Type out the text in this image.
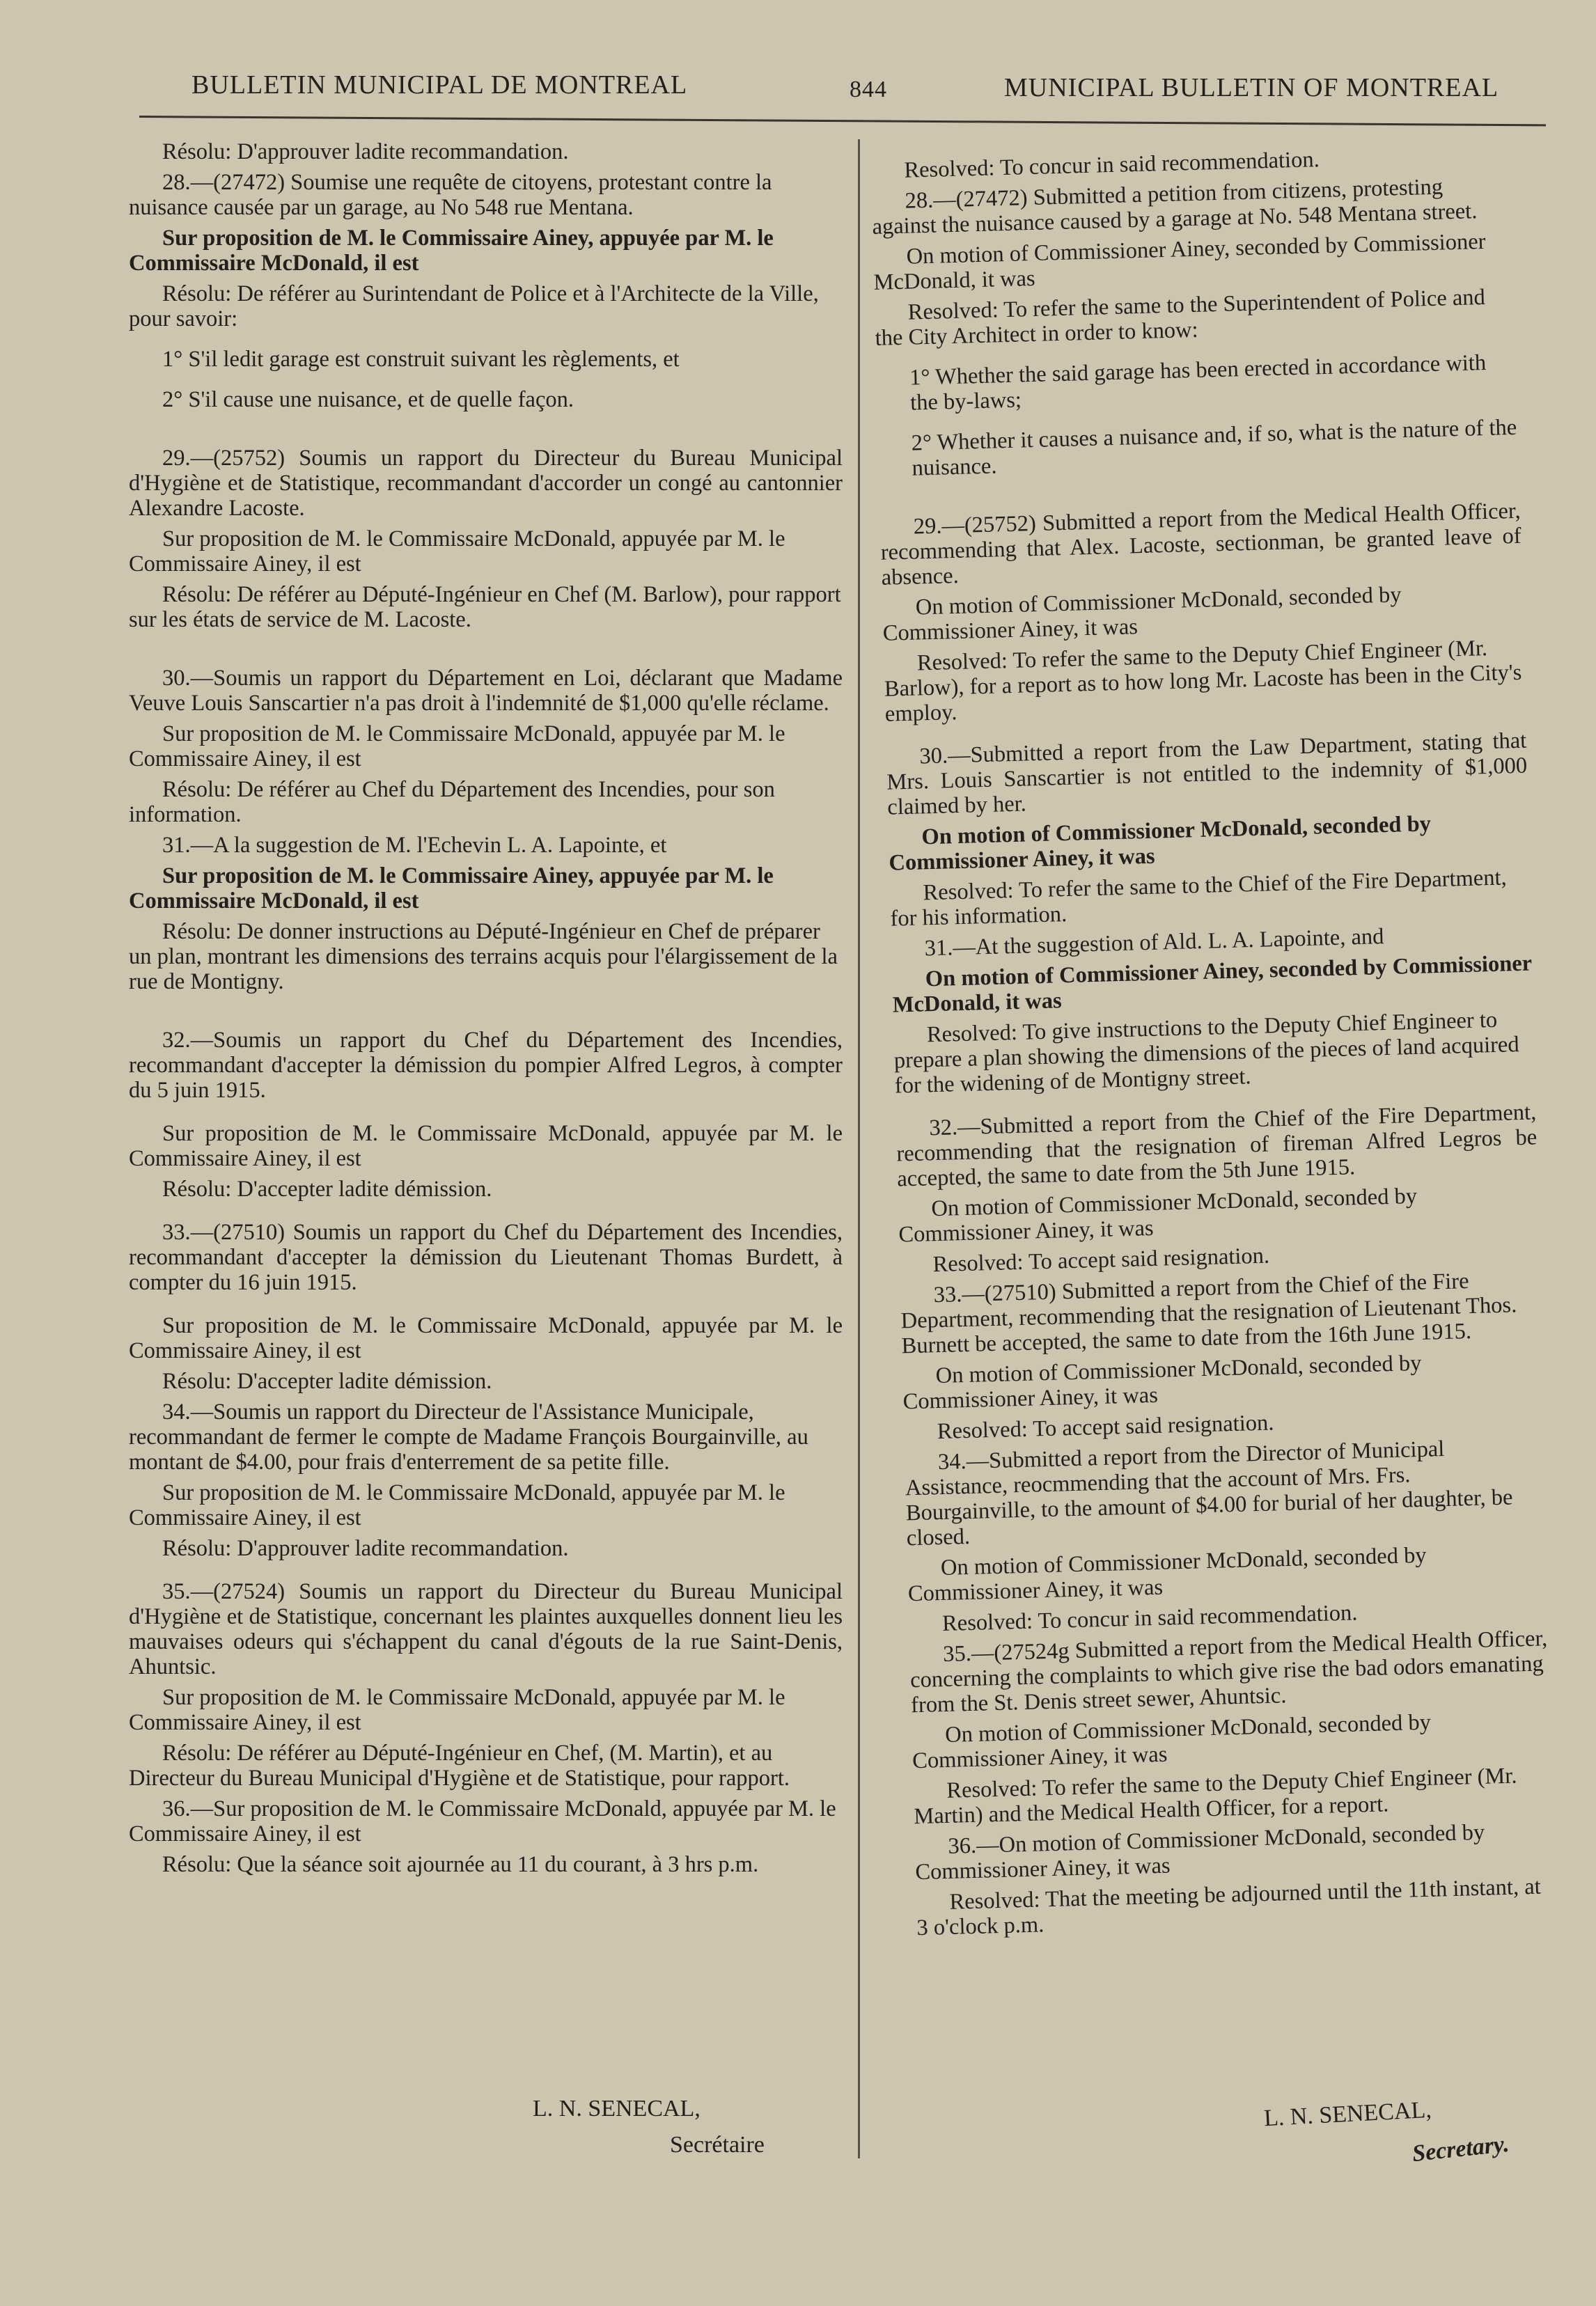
BULLETIN MUNICIPAL DE MONTREAL	844	MUNICIPAL BULLETIN OF MONTREAL

Résolu: D'approuver ladite recommandation.

28.—(27472) Soumise une requête de citoyens, protestant contre la nuisance causée par un garage, au No 548 rue Mentana.

Sur proposition de M. le Commissaire Ainey, appuyée par M. le Commissaire McDonald, il est

Résolu: De référer au Surintendant de Police et à l'Architecte de la Ville, pour savoir:

1° S'il ledit garage est construit suivant les règlements, et

2° S'il cause une nuisance, et de quelle façon.

29.—(25752) Soumis un rapport du Directeur du Bureau Municipal d'Hygiène et de Statistique, recommandant d'accorder un congé au cantonnier Alexandre Lacoste.

Sur proposition de M. le Commissaire McDonald, appuyée par M. le Commissaire Ainey, il est

Résolu: De référer au Député-Ingénieur en Chef (M. Barlow), pour rapport sur les états de service de M. Lacoste.

30.—Soumis un rapport du Département en Loi, déclarant que Madame Veuve Louis Sanscartier n'a pas droit à l'indemnité de $1,000 qu'elle réclame.

Sur proposition de M. le Commissaire McDonald, appuyée par M. le Commissaire Ainey, il est

Résolu: De référer au Chef du Département des Incendies, pour son information.

31.—A la suggestion de M. l'Echevin L. A. Lapointe, et

Sur proposition de M. le Commissaire Ainey, appuyée par M. le Commissaire McDonald, il est

Résolu: De donner instructions au Député-Ingénieur en Chef de préparer un plan, montrant les dimensions des terrains acquis pour l'élargissement de la rue de Montigny.

32.—Soumis un rapport du Chef du Département des Incendies, recommandant d'accepter la démission du pompier Alfred Legros, à compter du 5 juin 1915.

Sur proposition de M. le Commissaire McDonald, appuyée par M. le Commissaire Ainey, il est

Résolu: D'accepter ladite démission.

33.—(27510) Soumis un rapport du Chef du Département des Incendies, recommandant d'accepter la démission du Lieutenant Thomas Burdett, à compter du 16 juin 1915.

Sur proposition de M. le Commissaire McDonald, appuyée par M. le Commissaire Ainey, il est

Résolu: D'accepter ladite démission.

34.—Soumis un rapport du Directeur de l'Assistance Municipale, recommandant de fermer le compte de Madame François Bourgainville, au montant de $4.00, pour frais d'enterrement de sa petite fille.

Sur proposition de M. le Commissaire McDonald, appuyée par M. le Commissaire Ainey, il est

Résolu: D'approuver ladite recommandation.

35.—(27524) Soumis un rapport du Directeur du Bureau Municipal d'Hygiène et de Statistique, concernant les plaintes auxquelles donnent lieu les mauvaises odeurs qui s'échappent du canal d'égouts de la rue Saint-Denis, Ahuntsic.

Sur proposition de M. le Commissaire McDonald, appuyée par M. le Commissaire Ainey, il est

Résolu: De référer au Député-Ingénieur en Chef, (M. Martin), et au Directeur du Bureau Municipal d'Hygiène et de Statistique, pour rapport.

36.—Sur proposition de M. le Commissaire McDonald, appuyée par M. le Commissaire Ainey, il est

Résolu: Que la séance soit ajournée au 11 du courant, à 3 hrs p.m.

Resolved: To concur in said recommendation.

28.—(27472) Submitted a petition from citizens, protesting against the nuisance caused by a garage at No. 548 Mentana street.

On motion of Commissioner Ainey, seconded by Commissioner McDonald, it was

Resolved: To refer the same to the Superintendent of Police and the City Architect in order to know:

1° Whether the said garage has been erected in accordance with the by-laws;

2° Whether it causes a nuisance and, if so, what is the nature of the nuisance.

29.—(25752) Submitted a report from the Medical Health Officer, recommending that Alex. Lacoste, sectionman, be granted leave of absence.

On motion of Commissioner McDonald, seconded by Commissioner Ainey, it was

Resolved: To refer the same to the Deputy Chief Engineer (Mr. Barlow), for a report as to how long Mr. Lacoste has been in the City's employ.

30.—Submitted a report from the Law Department, stating that Mrs. Louis Sanscartier is not entitled to the indemnity of $1,000 claimed by her.

On motion of Commissioner McDonald, seconded by Commissioner Ainey, it was

Resolved: To refer the same to the Chief of the Fire Department, for his information.

31.—At the suggestion of Ald. L. A. Lapointe, and

On motion of Commissioner Ainey, seconded by Commissioner McDonald, it was

Resolved: To give instructions to the Deputy Chief Engineer to prepare a plan showing the dimensions of the pieces of land acquired for the widening of de Montigny street.

32.—Submitted a report from the Chief of the Fire Department, recommending that the resignation of fireman Alfred Legros be accepted, the same to date from the 5th June 1915.

On motion of Commissioner McDonald, seconded by Commissioner Ainey, it was

Resolved: To accept said resignation.

33.—(27510) Submitted a report from the Chief of the Fire Department, recommending that the resignation of Lieutenant Thos. Burnett be accepted, the same to date from the 16th June 1915.

On motion of Commissioner McDonald, seconded by Commissioner Ainey, it was

Resolved: To accept said resignation.

34.—Submitted a report from the Director of Municipal Assistance, reocmmending that the account of Mrs. Frs. Bourgainville, to the amount of $4.00 for burial of her daughter, be closed.

On motion of Commissioner McDonald, seconded by Commissioner Ainey, it was

Resolved: To concur in said recommendation.

35.—(27524g Submitted a report from the Medical Health Officer, concerning the complaints to which give rise the bad odors emanating from the St. Denis street sewer, Ahuntsic.

On motion of Commissioner McDonald, seconded by Commissioner Ainey, it was

Resolved: To refer the same to the Deputy Chief Engineer (Mr. Martin) and the Medical Health Officer, for a report.

36.—On motion of Commissioner McDonald, seconded by Commissioner Ainey, it was

Resolved: That the meeting be adjourned until the 11th instant, at 3 o'clock p.m.

L. N. SENECAL,
Secrétaire
L. N. SENECAL,
Secretary.
